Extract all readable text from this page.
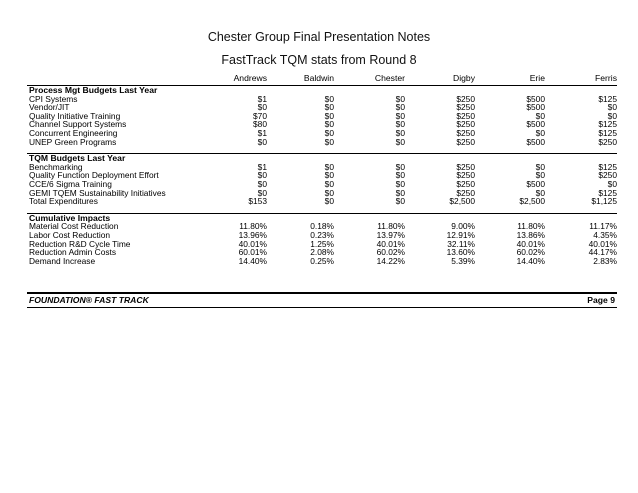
Chester Group Final Presentation Notes
FastTrack TQM stats from Round 8
Andrews	Baldwin	Chester	Digby	Erie	Ferris
Process Mgt Budgets Last Year
CPI Systems	$1	$0	$0	$250	$500	$125
Vendor/JIT	$0	$0	$0	$250	$500	$0
Quality Initiative Training	$70	$0	$0	$250	$0	$0
Channel Support Systems	$80	$0	$0	$250	$500	$125
Concurrent Engineering	$1	$0	$0	$250	$0	$125
UNEP Green Programs	$0	$0	$0	$250	$500	$250
TQM Budgets Last Year
Benchmarking	$1	$0	$0	$250	$0	$125
Quality Function Deployment Effort	$0	$0	$0	$250	$0	$250
CCE/6 Sigma Training	$0	$0	$0	$250	$500	$0
GEMI TQEM Sustainability Initiatives	$0	$0	$0	$250	$0	$125
Total Expenditures	$153	$0	$0	$2,500	$2,500	$1,125
Cumulative Impacts
Material Cost Reduction	11.80%	0.18%	11.80%	9.00%	11.80%	11.17%
Labor Cost Reduction	13.96%	0.23%	13.97%	12.91%	13.86%	4.35%
Reduction R&D Cycle Time	40.01%	1.25%	40.01%	32.11%	40.01%	40.01%
Reduction Admin Costs	60.01%	2.08%	60.02%	13.60%	60.02%	44.17%
Demand Increase	14.40%	0.25%	14.22%	5.39%	14.40%	2.83%
FOUNDATION® FAST TRACK	Page 9
